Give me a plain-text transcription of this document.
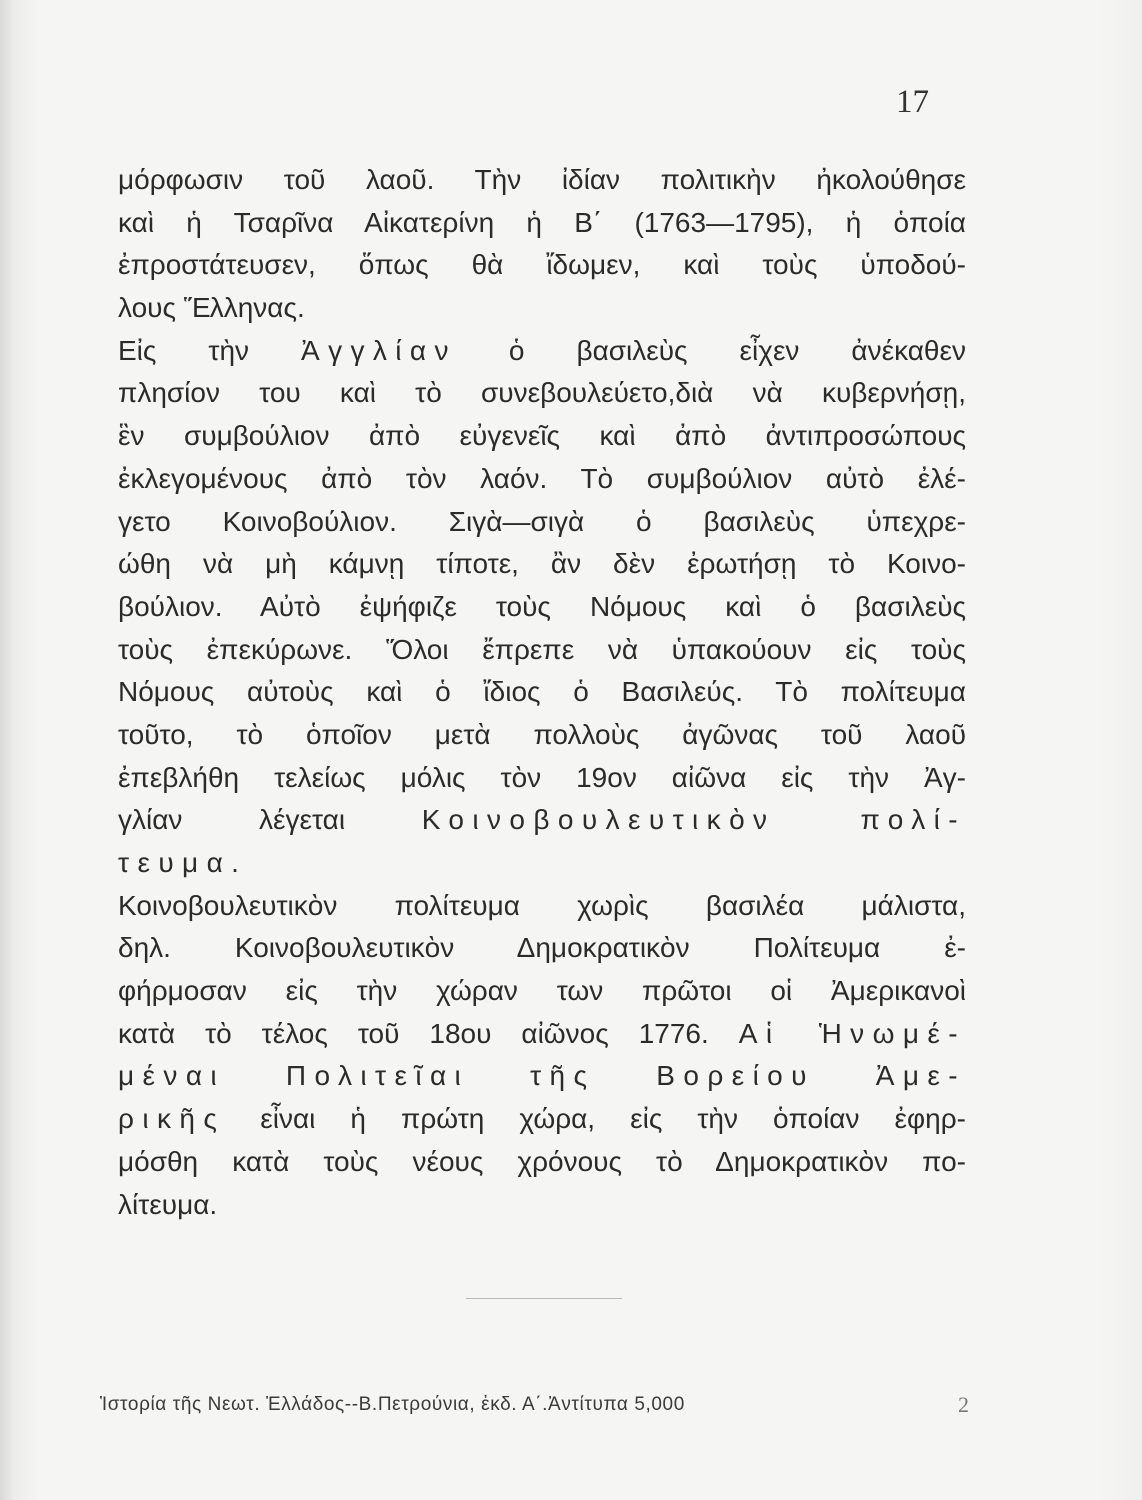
17
μόρφωσιν τοῦ λαοῦ. Τὴν ἰδίαν πολιτικὴν ἠκολούθησε
καὶ ἡ Τσαρῖνα Αἰκατερίνη ἡ Β΄ (1763—1795), ἡ ὁποία
ἐπροστάτευσεν, ὅπως θὰ ἴδωμεν, καὶ τοὺς ὑποδού-
λους Ἕλληνας.
Εἰς τὴν Ἀγγλίαν ὁ βασιλεὺς εἶχεν ἀνέκαθεν
πλησίον του καὶ τὸ συνεβουλεύετο,διὰ νὰ κυβερνήσῃ,
ἓν συμβούλιον ἀπὸ εὐγενεῖς καὶ ἀπὸ ἀντιπροσώπους
ἐκλεγομένους ἀπὸ τὸν λαόν. Τὸ συμβούλιον αὐτὸ ἐλέ-
γετο Κοινοβούλιον. Σιγὰ—σιγὰ ὁ βασιλεὺς ὑπεχρε-
ώθη νὰ μὴ κάμνῃ τίποτε, ἂν δὲν ἐρωτήσῃ τὸ Κοινο-
βούλιον. Αὐτὸ ἐψήφιζε τοὺς Νόμους καὶ ὁ βασιλεὺς
τοὺς ἐπεκύρωνε. Ὅλοι ἔπρεπε νὰ ὑπακούουν εἰς τοὺς
Νόμους αὐτοὺς καὶ ὁ ἴδιος ὁ Βασιλεύς. Τὸ πολίτευμα
τοῦτο, τὸ ὁποῖον μετὰ πολλοὺς ἀγῶνας τοῦ λαοῦ
ἐπεβλήθη τελείως μόλις τὸν 19ον αἰῶνα εἰς τὴν Ἀγ-
γλίαν λέγεται Κοινοβουλευτικὸν πολί-
τευμα.
Κοινοβουλευτικὸν πολίτευμα χωρὶς βασιλέα μάλιστα,
δηλ. Κοινοβουλευτικὸν Δημοκρατικὸν Πολίτευμα ἐ-
φήρμοσαν εἰς τὴν χώραν των πρῶτοι οἱ Ἀμερικανοὶ
κατὰ τὸ τέλος τοῦ 18ου αἰῶνος 1776. Αἱ Ἡνωμέ-
μέναι Πολιτεῖαι τῆς Βορείου Ἀμε-
ρικῆς εἶναι ἡ πρώτη χώρα, εἰς τὴν ὁποίαν ἐφηρ-
μόσθη κατὰ τοὺς νέους χρόνους τὸ Δημοκρατικὸν πο-
λίτευμα.
Ἱστορία τῆς Νεωτ. Ἑλλάδος--Β.Πετρούνια, ἐκδ. Α΄.Ἀντίτυπα 5,000	2
